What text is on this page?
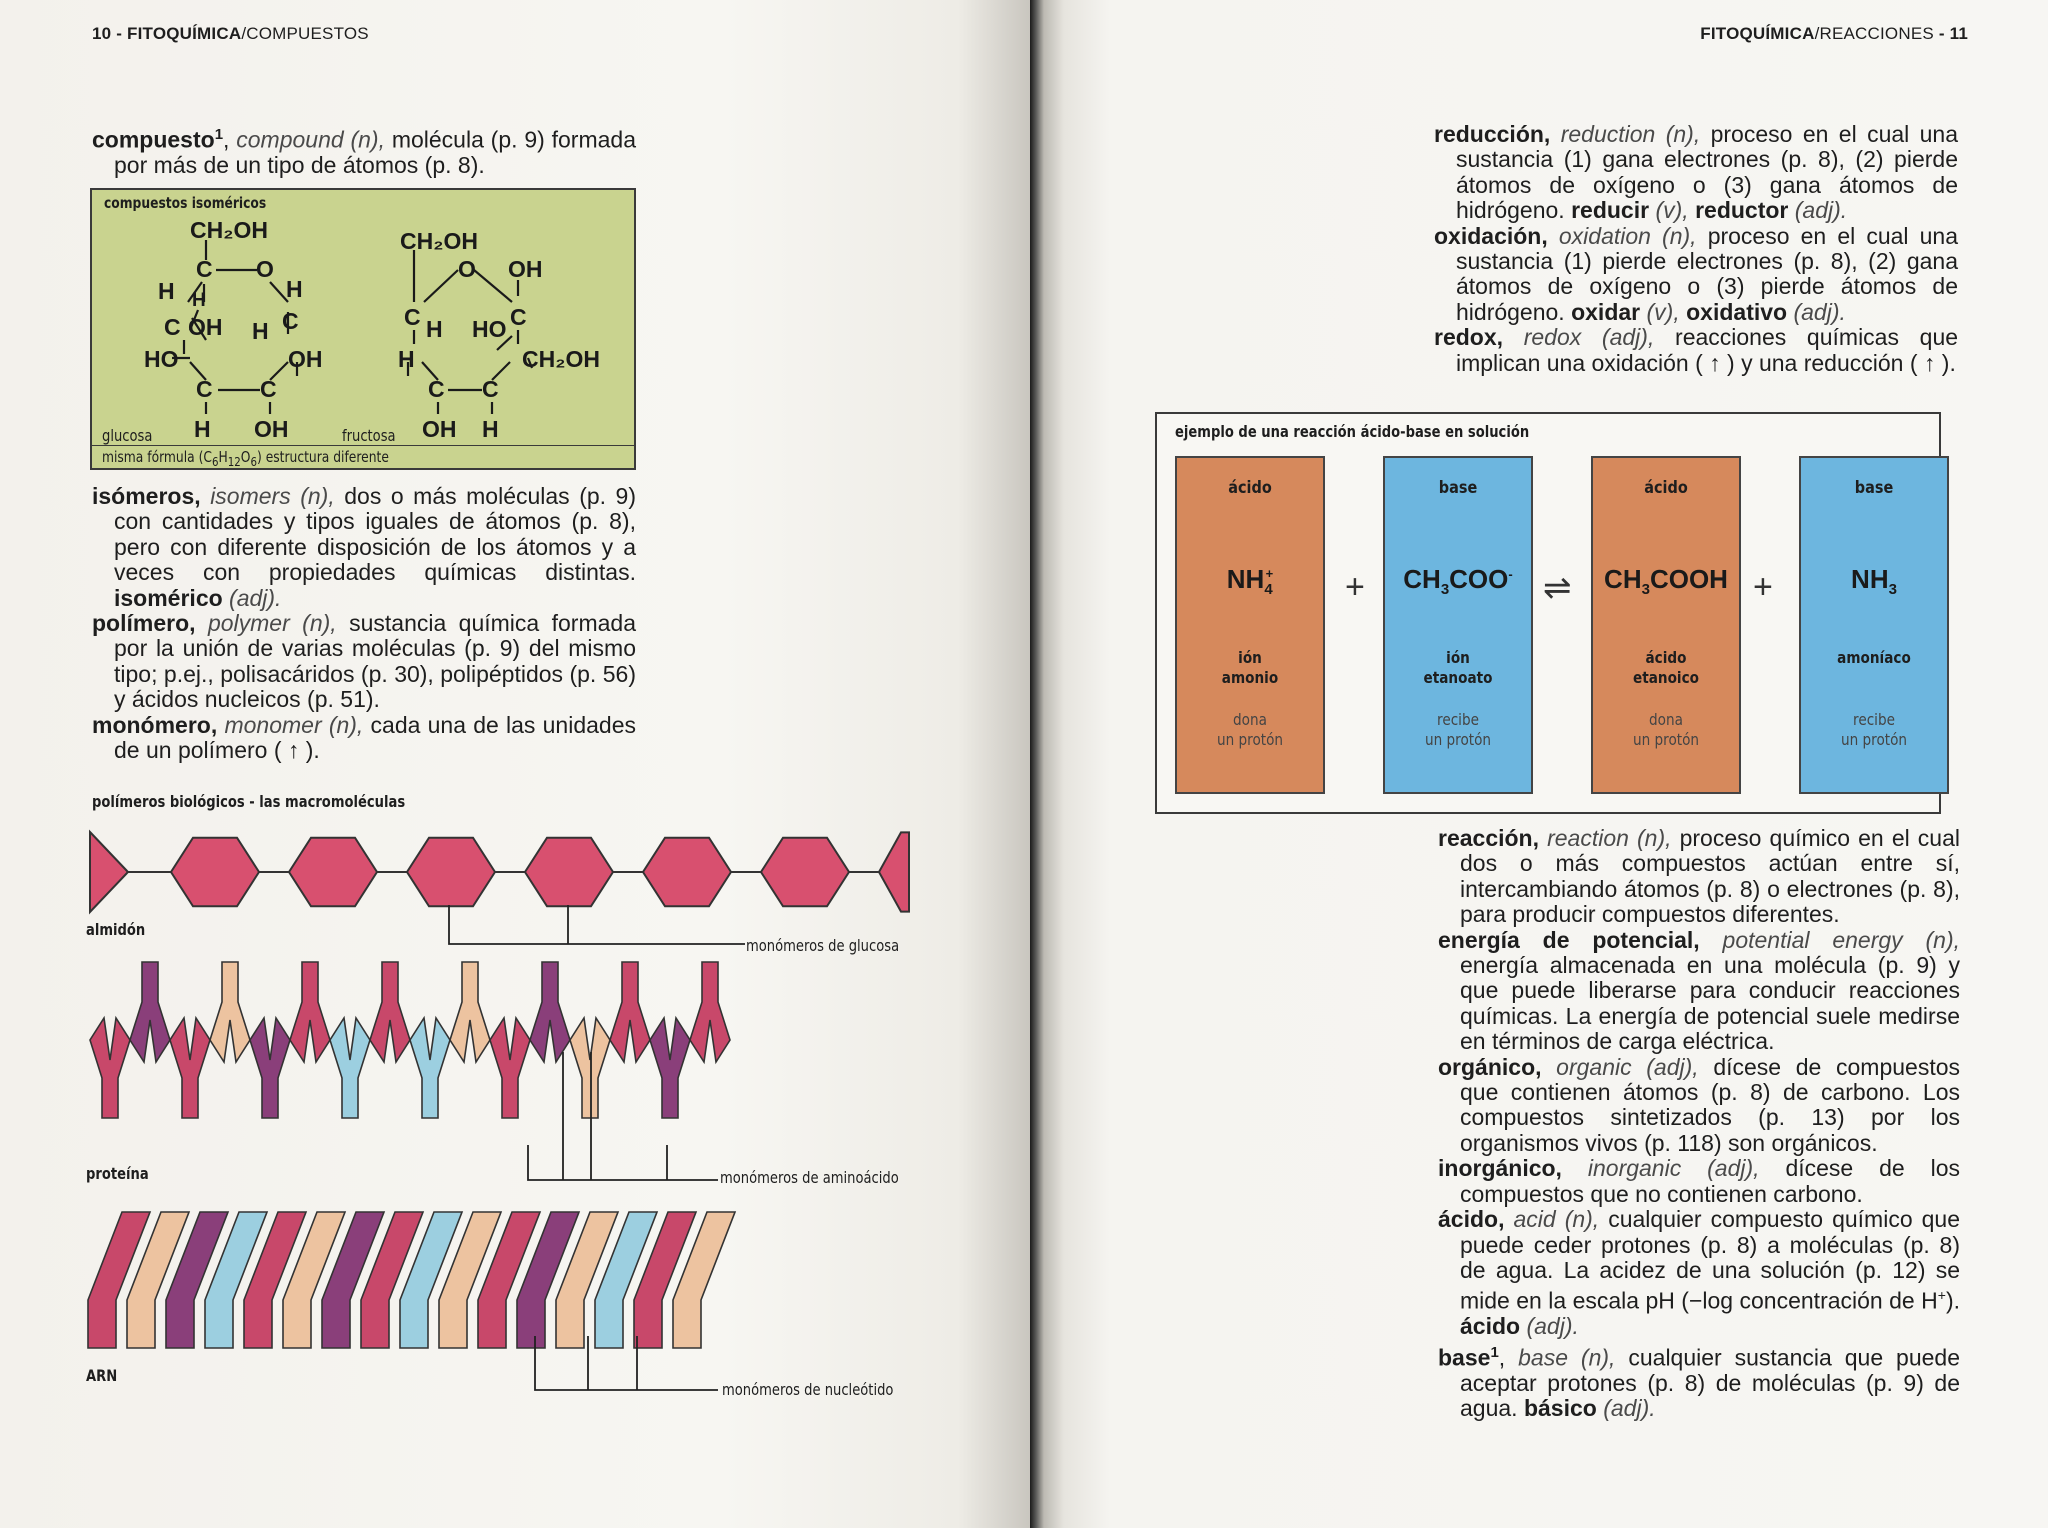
10 - FITOQUÍMICA/COMPUESTOS

compuesto$^1$, compound (n), molécula (p. 9) formada por más de un tipo de átomos (p. 8).

compuestos isoméricos
CH₂OH
C O
H	H
H
C OH H C
HO	OH
C C
H OH
glucosa
CH₂OH
O OH
C H HO C
H	CH₂OH
C C
OH H
fructosa
misma fórmula $(C_6H_{12}O_6)$ estructura diferente

isómeros, isomers (n), dos o más moléculas (p. 9) con cantidades y tipos iguales de átomos (p. 8), pero con diferente disposición de los átomos y a veces con propiedades químicas distintas. isomérico (adj).

polímero, polymer (n), sustancia química formada por la unión de varias moléculas (p. 9) del mismo tipo; p.ej., polisacáridos (p. 30), polipéptidos (p. 56) y ácidos nucleicos (p. 51).

monómero, monomer (n), cada una de las unidades de un polímero ( ↑ ).

polímeros biológicos - las macromoléculas
almidón
monómeros de glucosa
proteína	monómeros de aminoácido
ARN
monómeros de nucleótido
FITOQUÍMICA/REACCIONES - 11

reducción, reduction (n), proceso en el cual una sustancia (1) gana electrones (p. 8), (2) pierde átomos de oxígeno o (3) gana átomos de hidrógeno. reducir (v), reductor (adj).

oxidación, oxidation (n), proceso en el cual una sustancia (1) pierde electrones (p. 8), (2) gana átomos de oxígeno o (3) pierde átomos de hidrógeno. oxidar (v), oxidativo (adj).

redox, redox (adj), reacciones químicas que implican una oxidación ( ↑ ) y una reducción ( ↑ ).

ejemplo de una reacción ácido-base en solución
ácido
$NH_4^+$
ión
amonio
dona
un protón
+
base
$CH_3COO^-$
ión
etanoato
recibe
un protón
⇌
ácido
$CH_3COOH$
ácido
etanoico
dona
un protón
+
base
$NH_3$
amoníaco
recibe
un protón

reacción, reaction (n), proceso químico en el cual dos o más compuestos actúan entre sí, intercambiando átomos (p. 8) o electrones (p. 8), para producir compuestos diferentes.

energía de potencial, potential energy (n), energía almacenada en una molécula (p. 9) y que puede liberarse para conducir reacciones químicas. La energía de potencial suele medirse en términos de carga eléctrica.

orgánico, organic (adj), dícese de compuestos que contienen átomos (p. 8) de carbono. Los compuestos sintetizados (p. 13) por los organismos vivos (p. 118) son orgánicos.

inorgánico, inorganic (adj), dícese de los compuestos que no contienen carbono.

ácido, acid (n), cualquier compuesto químico que puede ceder protones (p. 8) a moléculas (p. 8) de agua. La acidez de una solución (p. 12) se mide en la escala pH (−log concentración de H+). ácido (adj).

base$^1$, base (n), cualquier sustancia que puede aceptar protones (p. 8) de moléculas (p. 9) de agua. básico (adj).
